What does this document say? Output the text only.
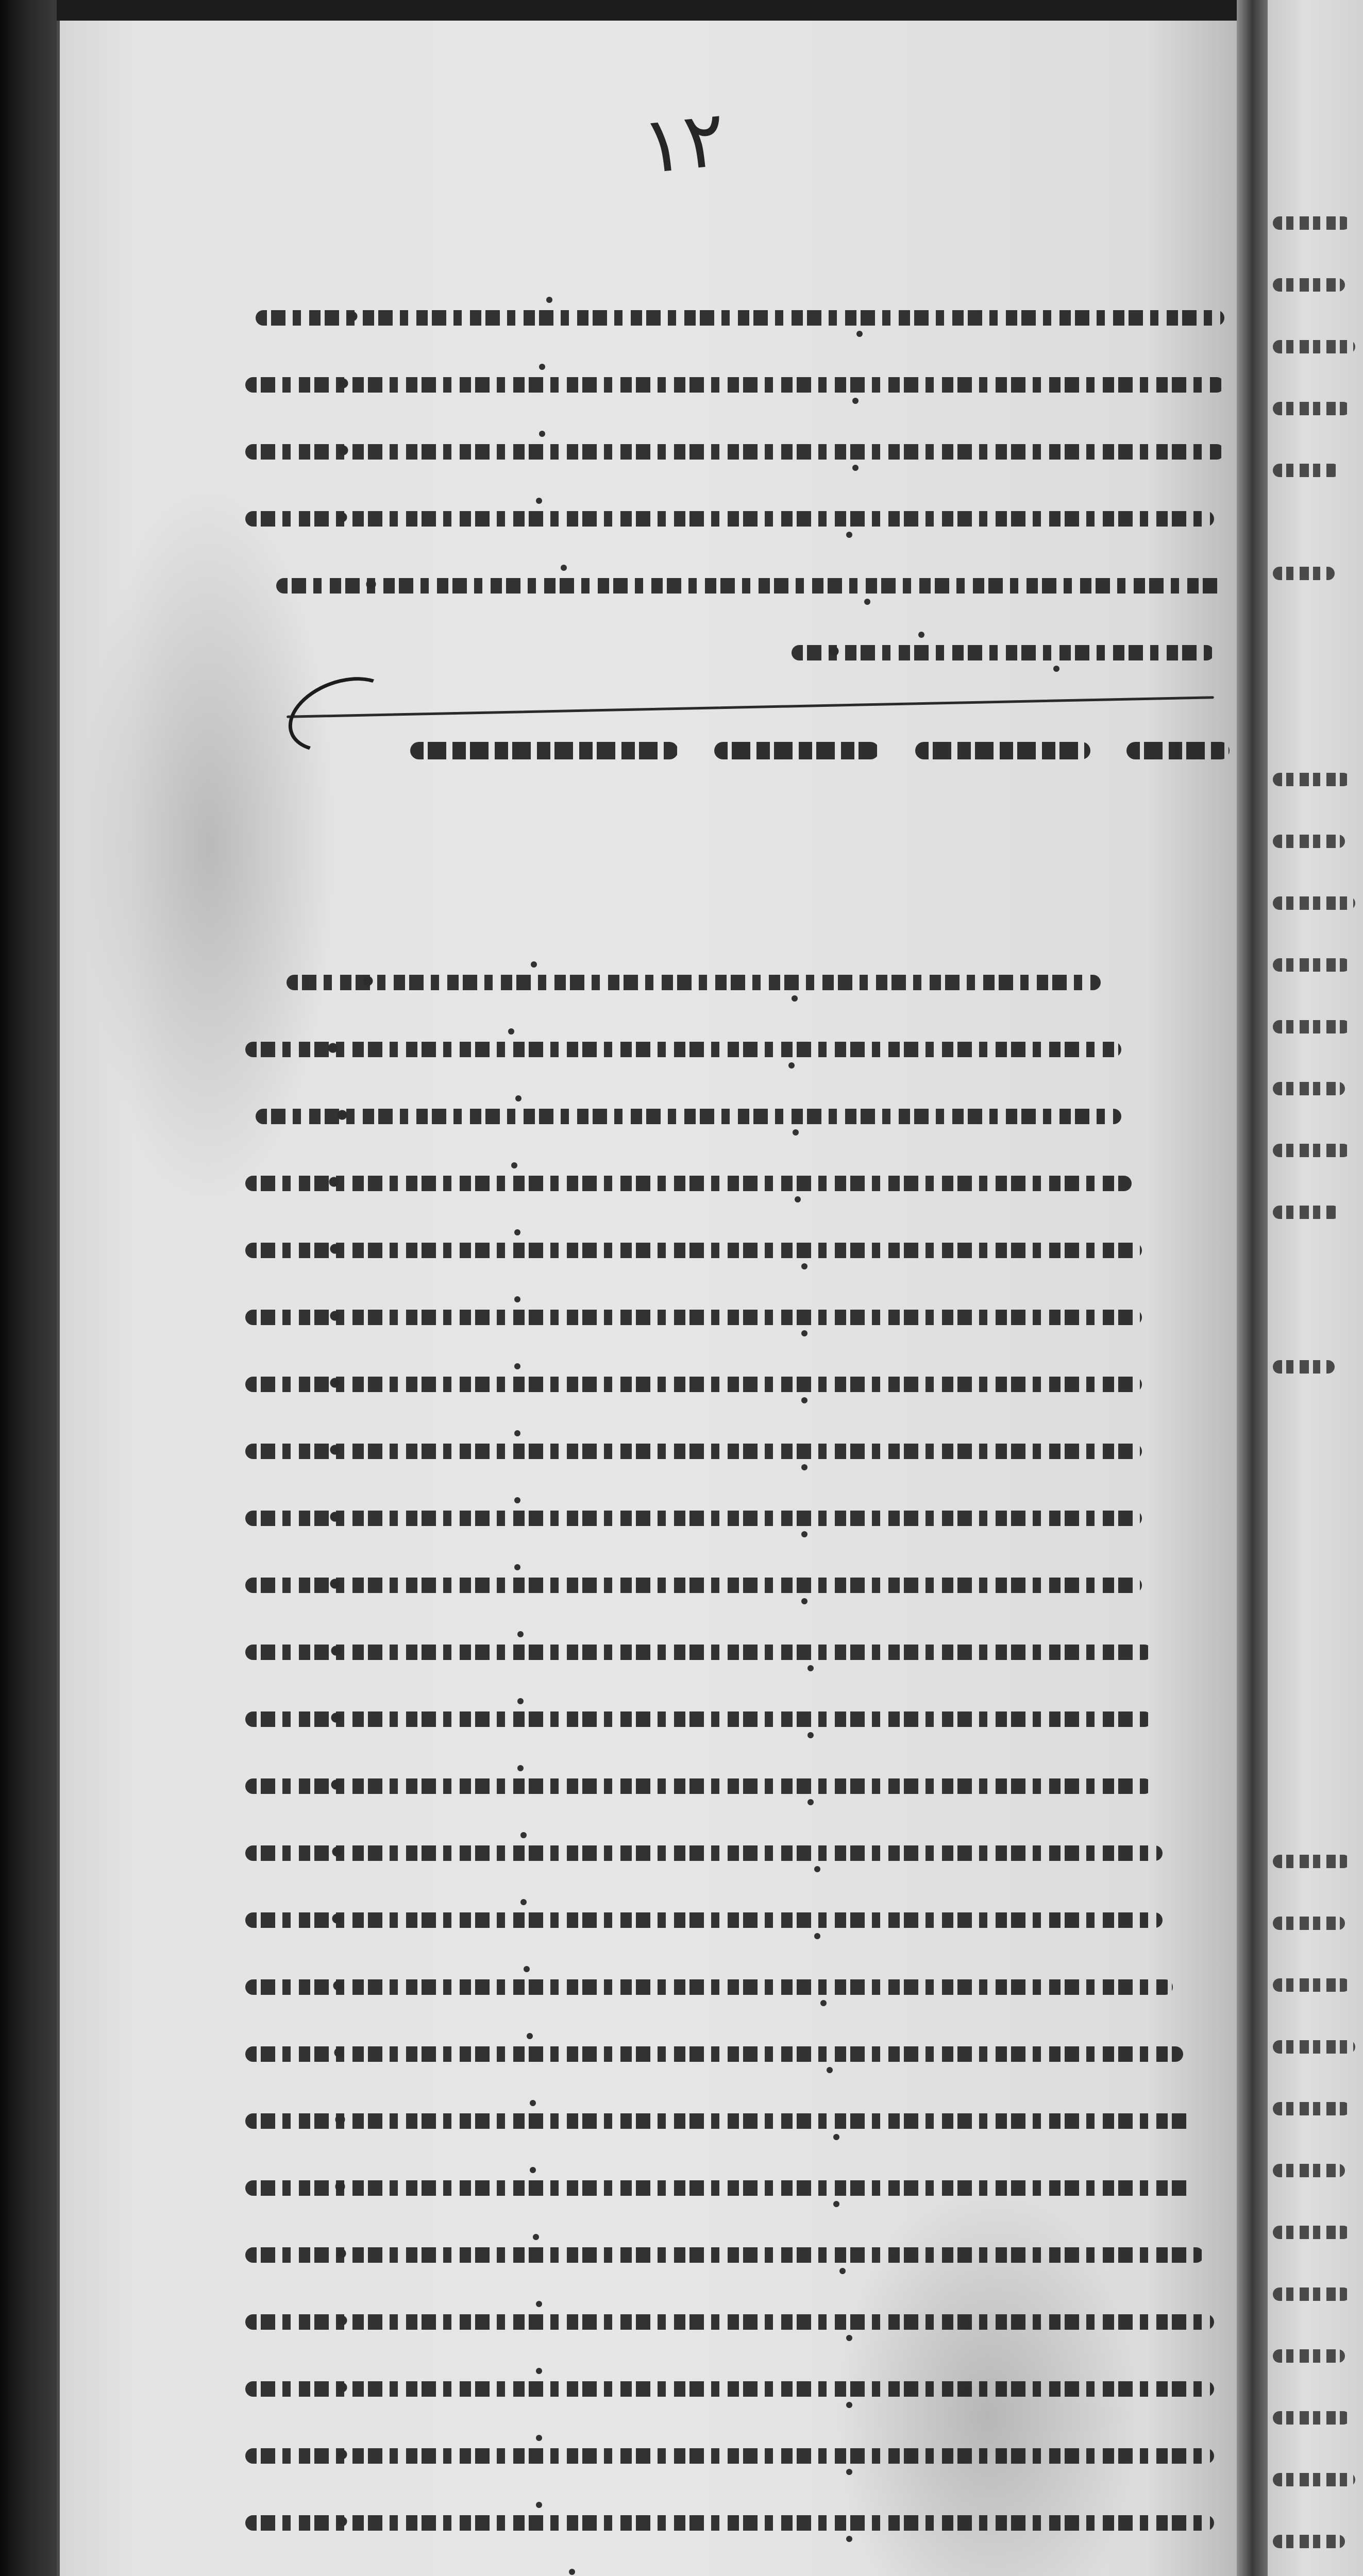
١٢
